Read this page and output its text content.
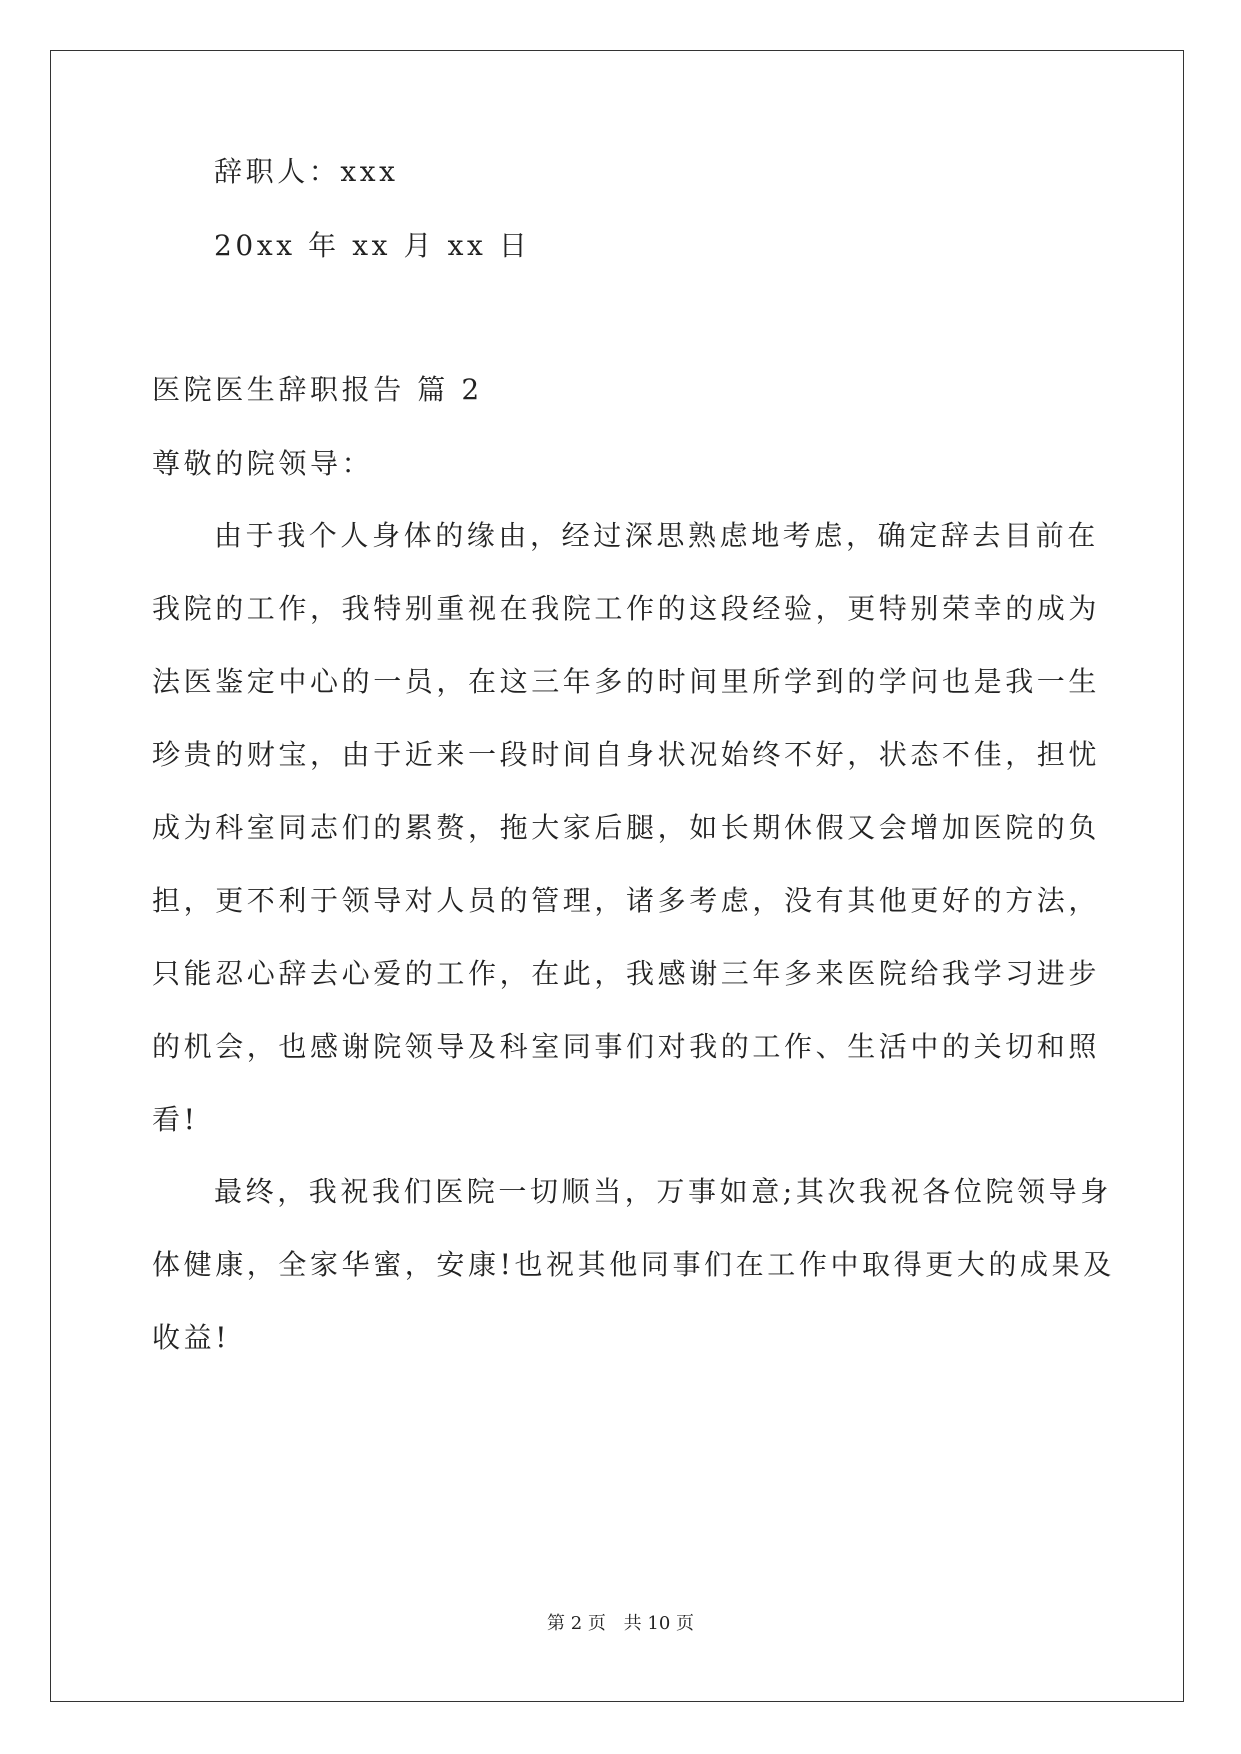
辞职人：xxx
20xx 年 xx 月 xx 日
医院医生辞职报告 篇 2
尊敬的院领导：
由于我个人身体的缘由，经过深思熟虑地考虑，确定辞去目前在
我院的工作，我特别重视在我院工作的这段经验，更特别荣幸的成为
法医鉴定中心的一员，在这三年多的时间里所学到的学问也是我一生
珍贵的财宝，由于近来一段时间自身状况始终不好，状态不佳，担忧
成为科室同志们的累赘，拖大家后腿，如长期休假又会增加医院的负
担，更不利于领导对人员的管理，诸多考虑，没有其他更好的方法，
只能忍心辞去心爱的工作，在此，我感谢三年多来医院给我学习进步
的机会，也感谢院领导及科室同事们对我的工作、生活中的关切和照
看!
最终，我祝我们医院一切顺当，万事如意;其次我祝各位院领导身
体健康，全家华蜜，安康!也祝其他同事们在工作中取得更大的成果及
收益!
第 2 页 共 10 页
